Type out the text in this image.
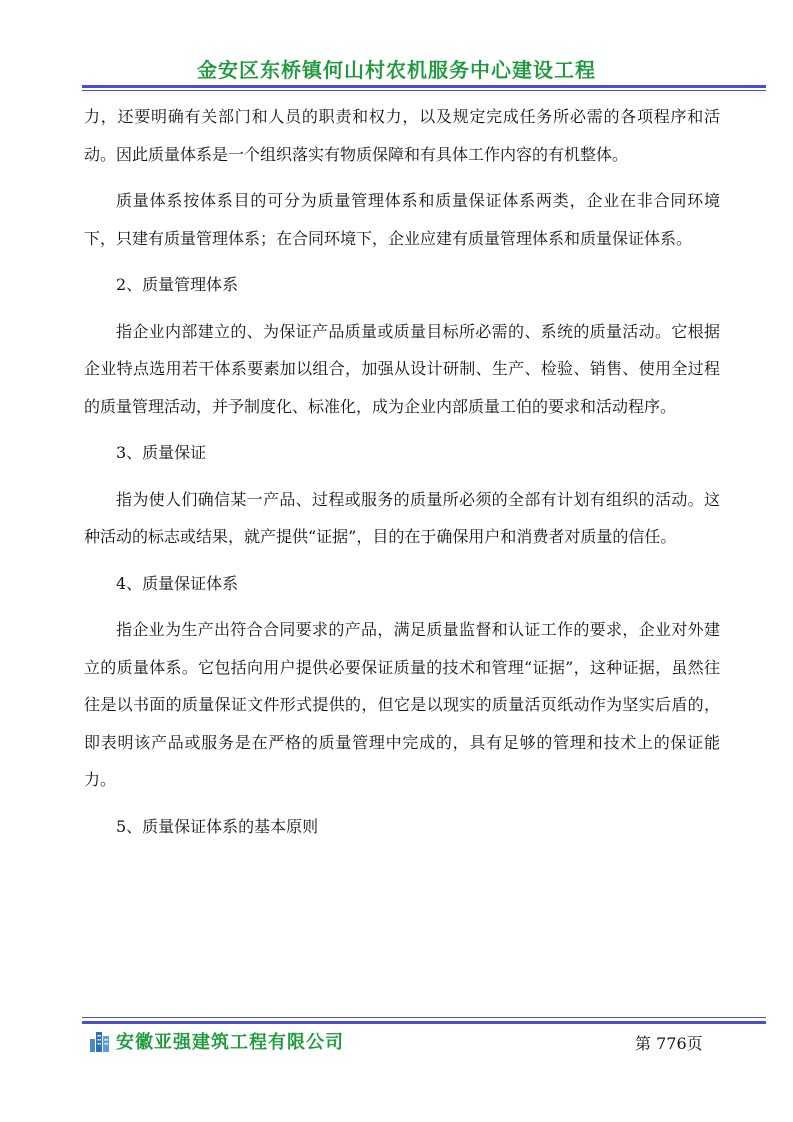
金安区东桥镇何山村农机服务中心建设工程

力，还要明确有关部门和人员的职责和权力，以及规定完成任务所必需的各项程序和活动。因此质量体系是一个组织落实有物质保障和有具体工作内容的有机整体。

质量体系按体系目的可分为质量管理体系和质量保证体系两类，企业在非合同环境下，只建有质量管理体系；在合同环境下，企业应建有质量管理体系和质量保证体系。

2、质量管理体系

指企业内部建立的、为保证产品质量或质量目标所必需的、系统的质量活动。它根据企业特点选用若干体系要素加以组合，加强从设计研制、生产、检验、销售、使用全过程的质量管理活动，并予制度化、标准化，成为企业内部质量工伯的要求和活动程序。

3、质量保证

指为使人们确信某一产品、过程或服务的质量所必须的全部有计划有组织的活动。这种活动的标志或结果，就产提供“证据”，目的在于确保用户和消费者对质量的信任。

4、质量保证体系

指企业为生产出符合合同要求的产品，满足质量监督和认证工作的要求，企业对外建立的质量体系。它包括向用户提供必要保证质量的技术和管理“证据”，这种证据，虽然往往是以书面的质量保证文件形式提供的，但它是以现实的质量活页纸动作为坚实后盾的，即表明该产品或服务是在严格的质量管理中完成的，具有足够的管理和技术上的保证能力。

5、质量保证体系的基本原则

安徽亚强建筑工程有限公司	第 776页
